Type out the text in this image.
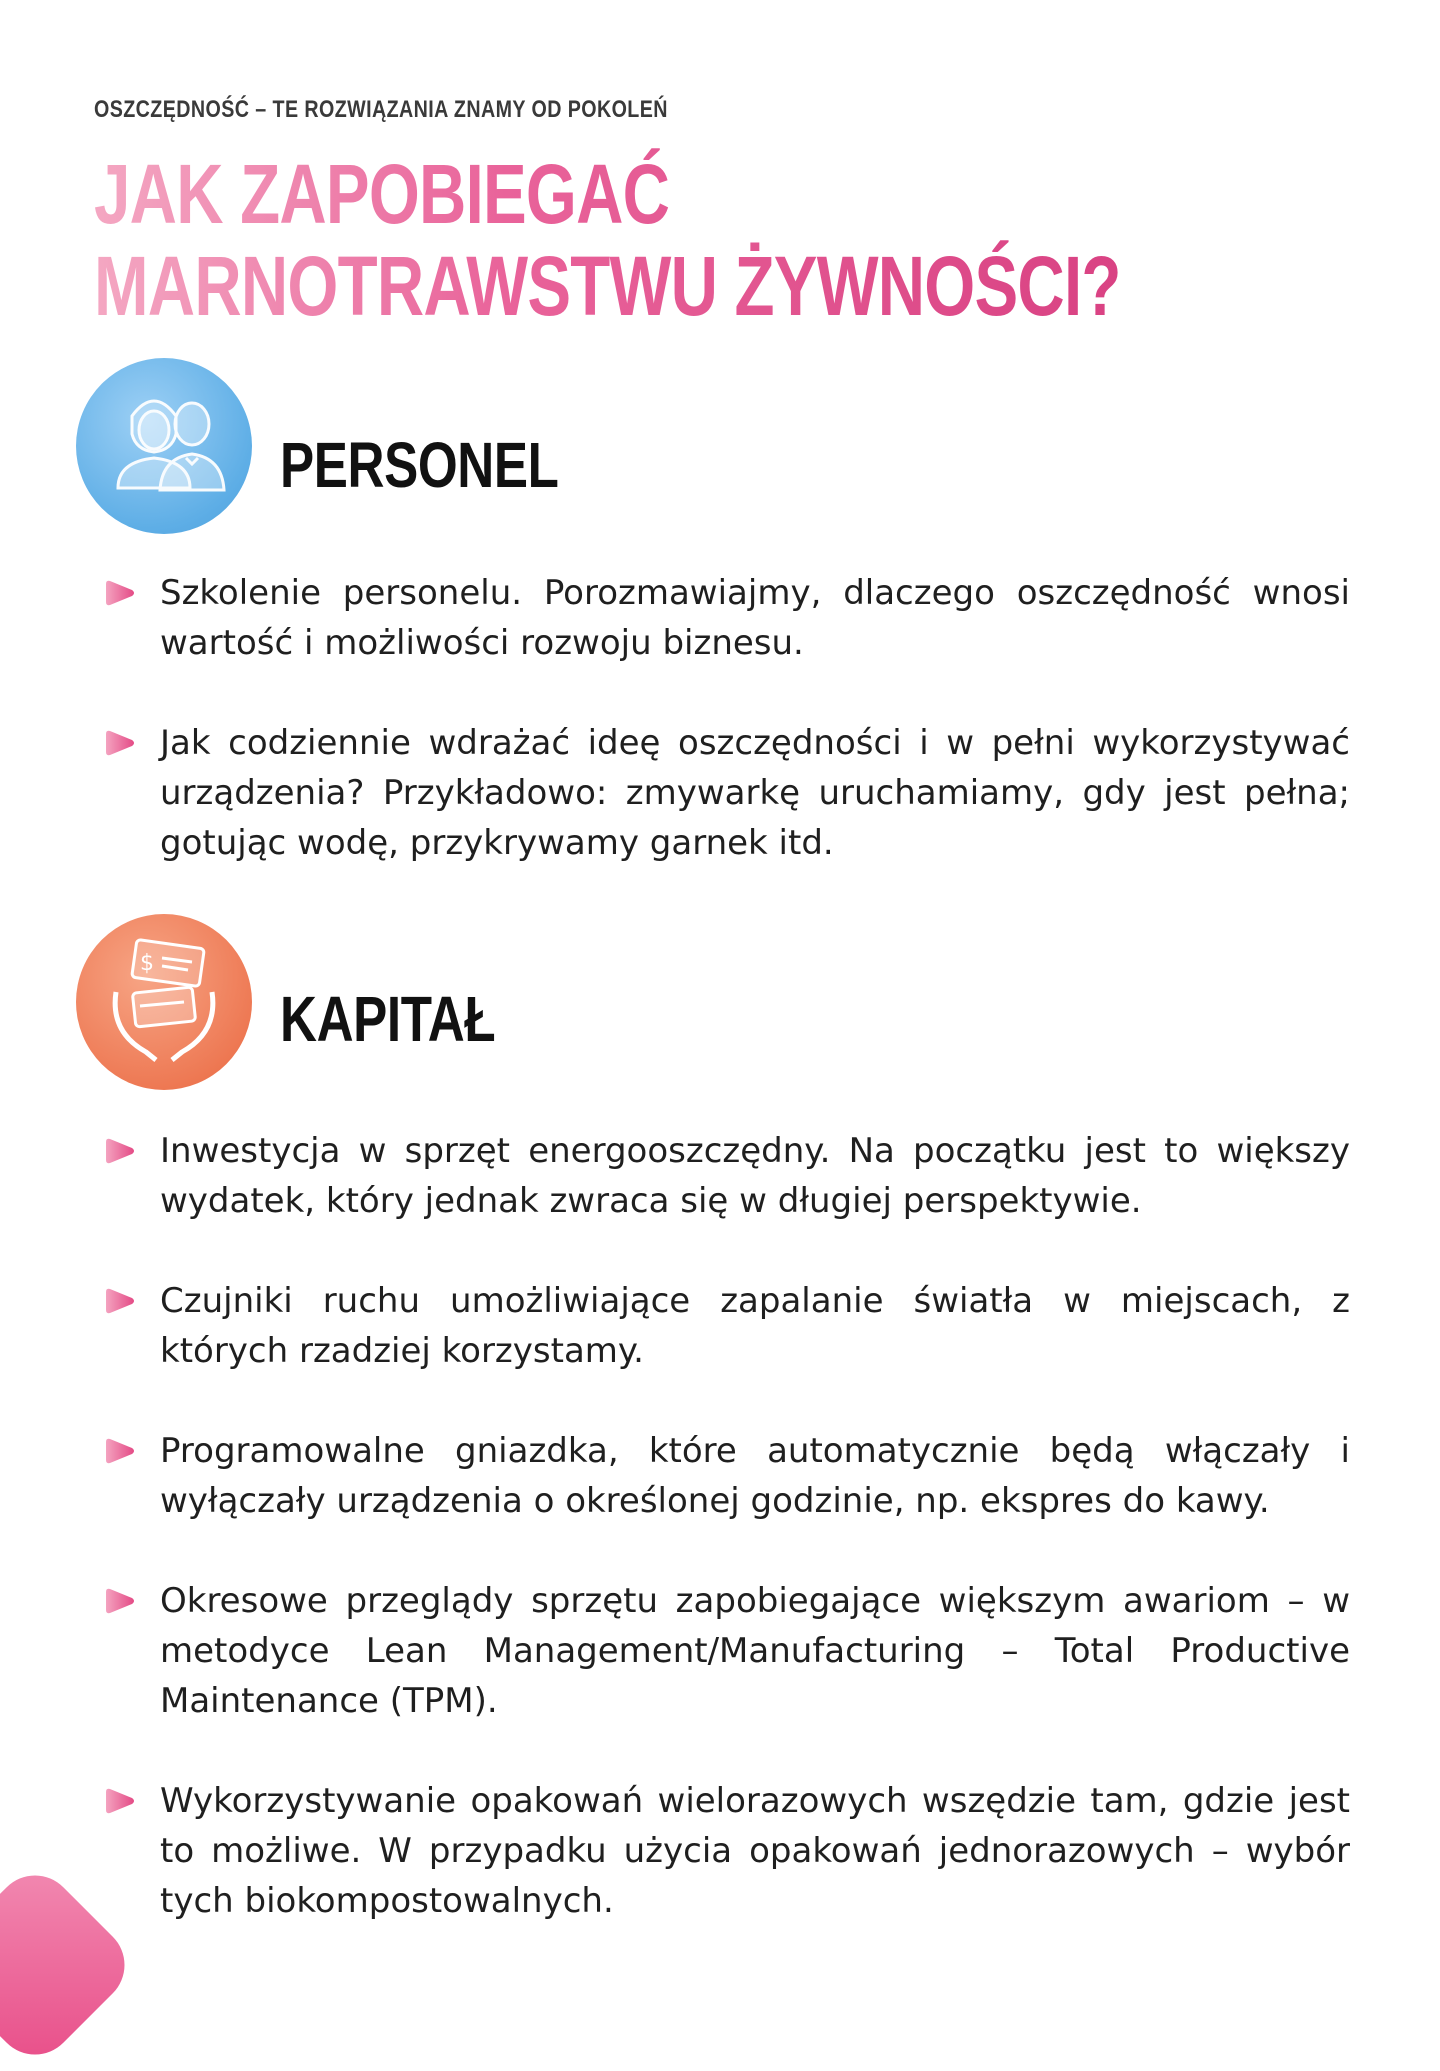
OSZCZĘDNOŚĆ – TE ROZWIĄZANIA ZNAMY OD POKOLEŃ
JAK ZAPOBIEGAĆ
MARNOTRAWSTWU ŻYWNOŚCI?
PERSONEL
Szkolenie personelu. Porozmawiajmy, dlaczego oszczędność wnosi wartość i możliwości rozwoju biznesu.
Jak codziennie wdrażać ideę oszczędności i w pełni wykorzystywać urządzenia? Przykładowo: zmywarkę uruchamiamy, gdy jest pełna; gotując wodę, przykrywamy garnek itd.
$
KAPITAŁ
Inwestycja w sprzęt energooszczędny. Na początku jest to większy wydatek, który jednak zwraca się w długiej perspektywie.
Czujniki ruchu umożliwiające zapalanie światła w miejscach, z których rzadziej korzystamy.
Programowalne gniazdka, które automatycznie będą włączały i wyłączały urządzenia o określonej godzinie, np. ekspres do kawy.
Okresowe przeglądy sprzętu zapobiegające większym awariom – w metodyce Lean Management/Manufacturing – Total Productive Maintenance (TPM).
Wykorzystywanie opakowań wielorazowych wszędzie tam, gdzie jest to możliwe. W przypadku użycia opakowań jednorazowych – wybór tych biokompostowalnych.
